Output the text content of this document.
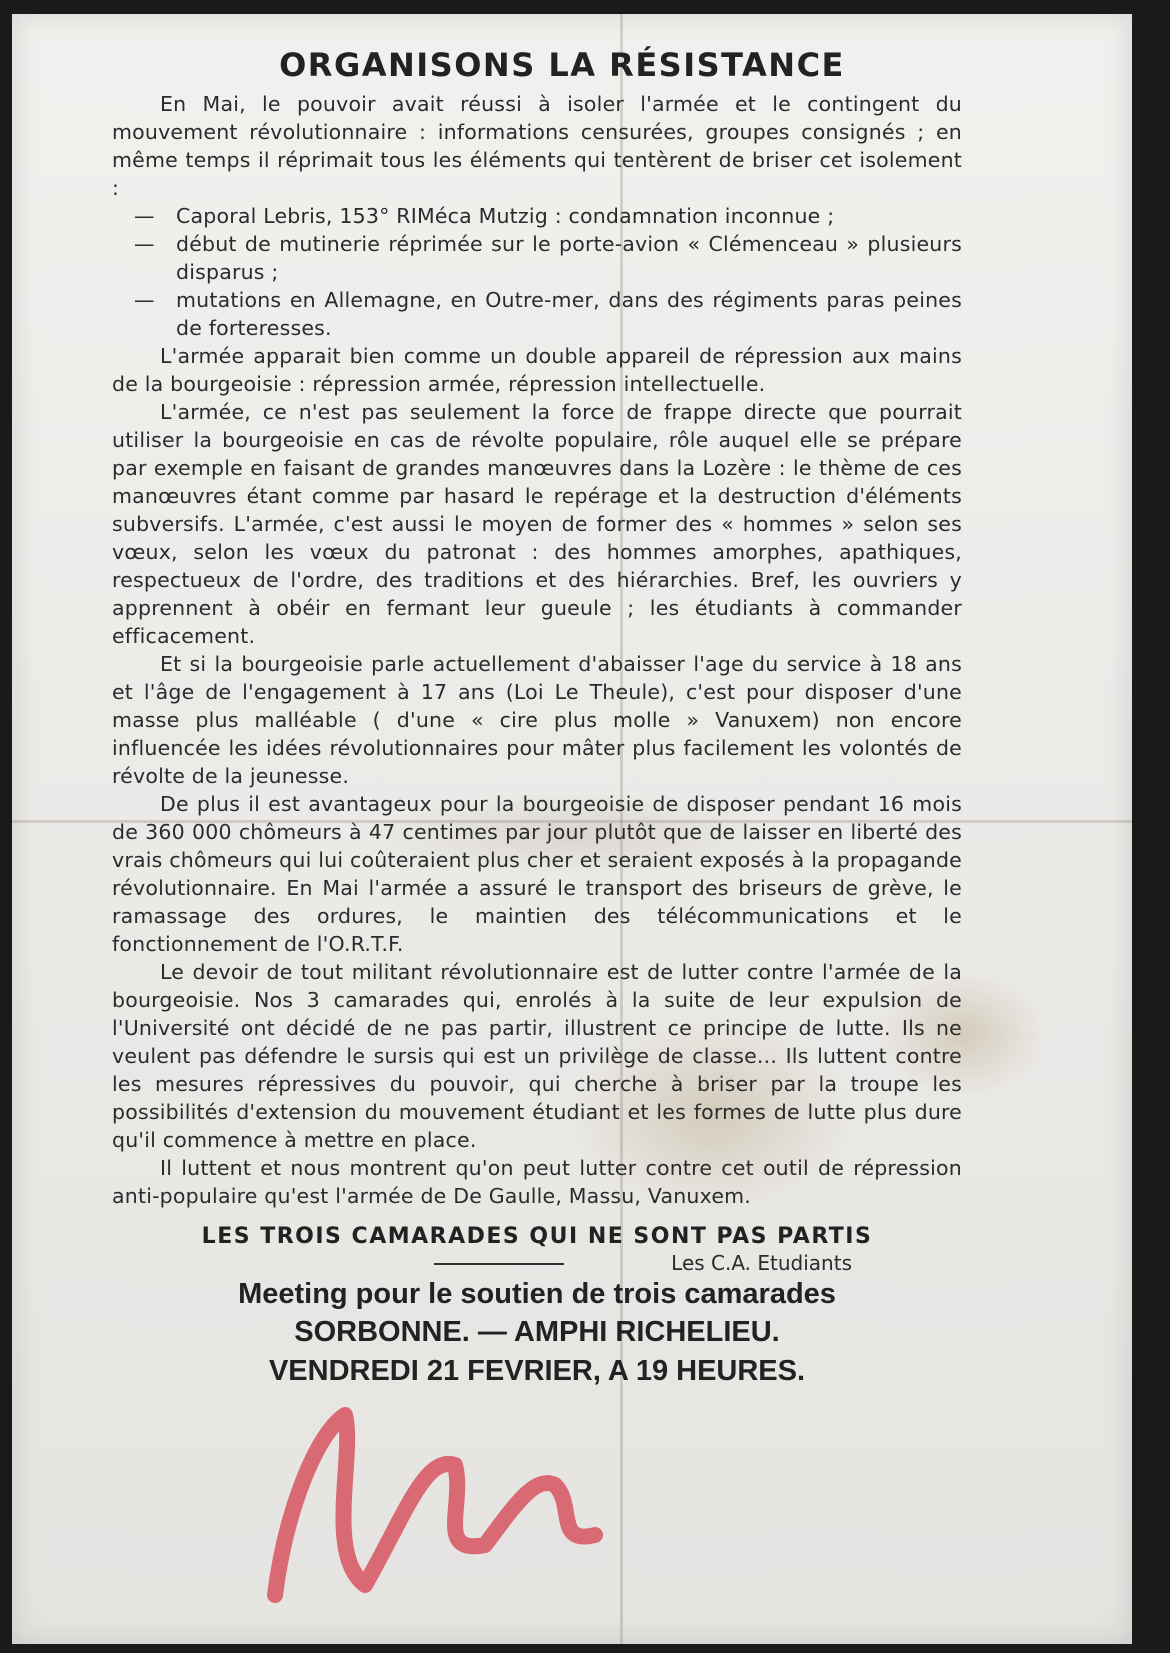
ORGANISONS LA RÉSISTANCE

En Mai, le pouvoir avait réussi à isoler l'armée et le contingent du mouvement révolutionnaire : informations censurées, groupes consignés ; en même temps il réprimait tous les éléments qui tentèrent de briser cet isolement :

— Caporal Lebris, 153° RIMéca Mutzig : condamnation inconnue ;
— début de mutinerie réprimée sur le porte-avion « Clémenceau » plusieurs disparus ;
— mutations en Allemagne, en Outre-mer, dans des régiments paras peines de forteresses.

L'armée apparait bien comme un double appareil de répression aux mains de la bourgeoisie : répression armée, répression intellectuelle.

L'armée, ce n'est pas seulement la force de frappe directe que pourrait utiliser la bourgeoisie en cas de révolte populaire, rôle auquel elle se prépare par exemple en faisant de grandes manœuvres dans la Lozère : le thème de ces manœuvres étant comme par hasard le repérage et la destruction d'éléments subversifs. L'armée, c'est aussi le moyen de former des « hommes » selon ses vœux, selon les vœux du patronat : des hommes amorphes, apathiques, respectueux de l'ordre, des traditions et des hiérarchies. Bref, les ouvriers y apprennent à obéir en fermant leur gueule ; les étudiants à commander efficacement.

Et si la bourgeoisie parle actuellement d'abaisser l'age du service à 18 ans et l'âge de l'engagement à 17 ans (Loi Le Theule), c'est pour disposer d'une masse plus malléable ( d'une « cire plus molle » Vanuxem) non encore influencée les idées révolutionnaires pour mâter plus facilement les volontés de révolte de la jeunesse.

De plus il est avantageux pour la bourgeoisie de disposer pendant 16 mois de 360 000 chômeurs à 47 centimes par jour plutôt que de laisser en liberté des vrais chômeurs qui lui coûteraient plus cher et seraient exposés à la propagande révolutionnaire. En Mai l'armée a assuré le transport des briseurs de grève, le ramassage des ordures, le maintien des télécommunications et le fonctionnement de l'O.R.T.F.

Le devoir de tout militant révolutionnaire est de lutter contre l'armée de la bourgeoisie. Nos 3 camarades qui, enrolés à la suite de leur expulsion de l'Université ont décidé de ne pas partir, illustrent ce principe de lutte. Ils ne veulent pas défendre le sursis qui est un privilège de classe... Ils luttent contre les mesures répressives du pouvoir, qui cherche à briser par la troupe les possibilités d'extension du mouvement étudiant et les formes de lutte plus dure qu'il commence à mettre en place.

Il luttent et nous montrent qu'on peut lutter contre cet outil de répression anti-populaire qu'est l'armée de De Gaulle, Massu, Vanuxem.

LES TROIS CAMARADES QUI NE SONT PAS PARTIS
Les C.A. Etudiants
Meeting pour le soutien de trois camarades
SORBONNE. — AMPHI RICHELIEU.
VENDREDI 21 FEVRIER, A 19 HEURES.
